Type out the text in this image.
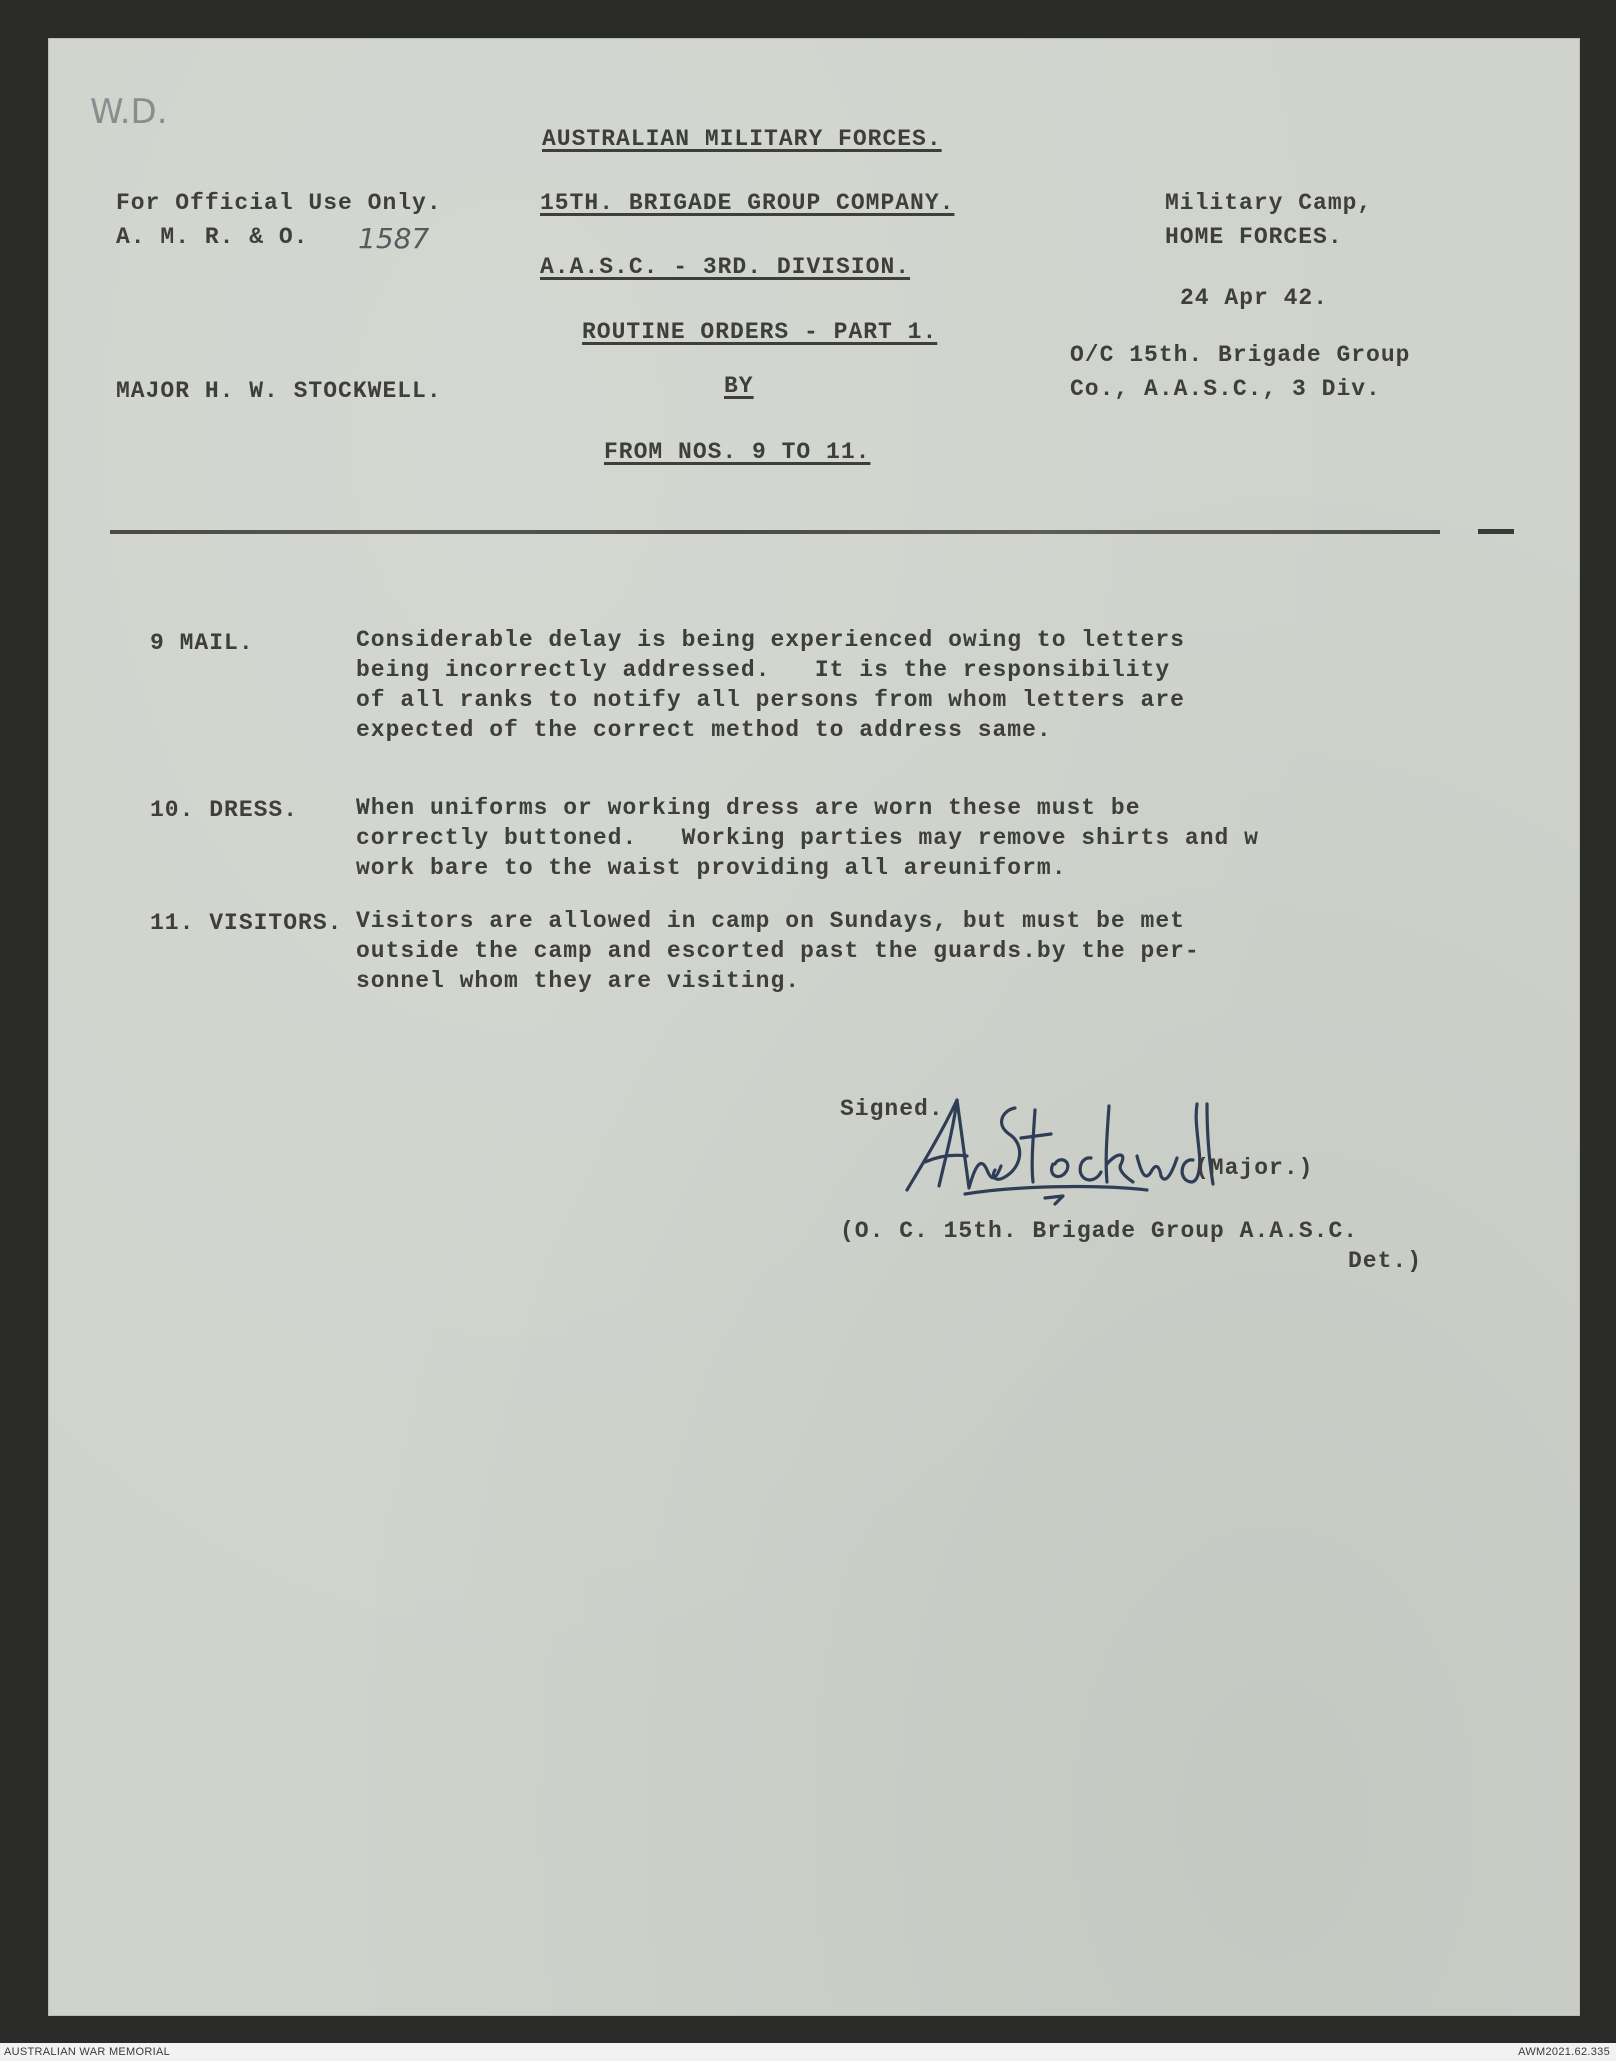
W.D.
AUSTRALIAN MILITARY FORCES.
For Official Use Only.	15TH. BRIGADE GROUP COMPANY.	Military Camp,
A. M. R. & O. 1587
A.A.S.C. - 3RD. DIVISION.
HOME FORCES.
24 Apr 42.
ROUTINE ORDERS - PART 1.
O/C 15th. Brigade Group
MAJOR H. W. STOCKWELL.	BY	Co., A.A.S.C., 3 Div.
FROM NOS. 9 TO 11.
9 MAIL.	Considerable delay is being experienced owing to letters
being incorrectly addressed.   It is the responsibility
of all ranks to notify all persons from whom letters are
expected of the correct method to address same.
10. DRESS.	When uniforms or working dress are worn these must be
correctly buttoned.   Working parties may remove shirts and w
work bare to the waist providing all areuniform.
11. VISITORS. Visitors are allowed in camp on Sundays, but must be met
outside the camp and escorted past the guards.by the per-
sonnel whom they are visiting.
Signed.
(Major.)
(O. C. 15th. Brigade Group A.A.S.C.
Det.)
AUSTRALIAN WAR MEMORIAL	AWM2021.62.335
